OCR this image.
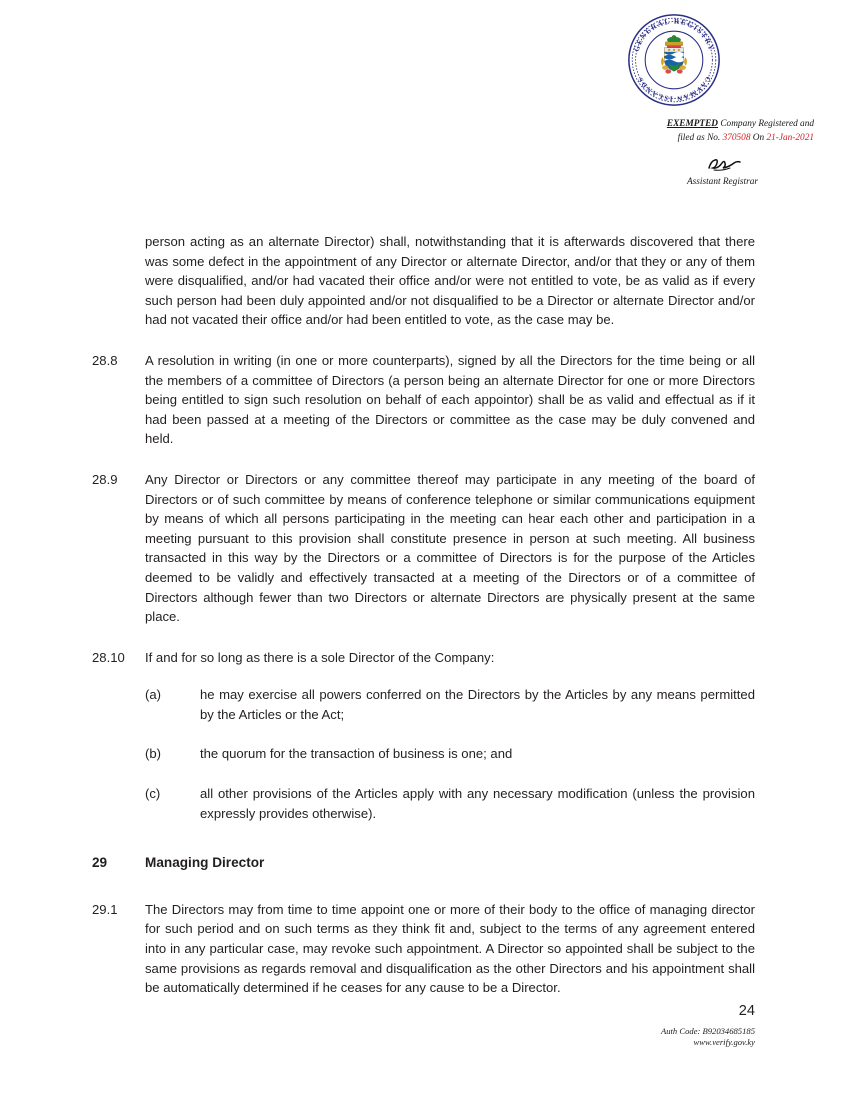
GENERAL REGISTRY
CAYMAN ISLANDS
EXEMPTED Company Registered and
filed as No. 370508 On 21-Jan-2021
Assistant Registrar
person acting as an alternate Director) shall, notwithstanding that it is afterwards discovered that there was some defect in the appointment of any Director or alternate Director, and/or that they or any of them were disqualified, and/or had vacated their office and/or were not entitled to vote, be as valid as if every such person had been duly appointed and/or not disqualified to be a Director or alternate Director and/or had not vacated their office and/or had been entitled to vote, as the case may be.
28.8	A resolution in writing (in one or more counterparts), signed by all the Directors for the time being or all the members of a committee of Directors (a person being an alternate Director for one or more Directors being entitled to sign such resolution on behalf of each appointor) shall be as valid and effectual as if it had been passed at a meeting of the Directors or committee as the case may be duly convened and held.
28.9	Any Director or Directors or any committee thereof may participate in any meeting of the board of Directors or of such committee by means of conference telephone or similar communications equipment by means of which all persons participating in the meeting can hear each other and participation in a meeting pursuant to this provision shall constitute presence in person at such meeting. All business transacted in this way by the Directors or a committee of Directors is for the purpose of the Articles deemed to be validly and effectively transacted at a meeting of the Directors or of a committee of Directors although fewer than two Directors or alternate Directors are physically present at the same place.
28.10	If and for so long as there is a sole Director of the Company:
(a)	he may exercise all powers conferred on the Directors by the Articles by any means permitted by the Articles or the Act;
(b)	the quorum for the transaction of business is one; and
(c)	all other provisions of the Articles apply with any necessary modification (unless the provision expressly provides otherwise).
29	Managing Director
29.1	The Directors may from time to time appoint one or more of their body to the office of managing director for such period and on such terms as they think fit and, subject to the terms of any agreement entered into in any particular case, may revoke such appointment. A Director so appointed shall be subject to the same provisions as regards removal and disqualification as the other Directors and his appointment shall be automatically determined if he ceases for any cause to be a Director.
24
Auth Code: B92034685185
www.verify.gov.ky
